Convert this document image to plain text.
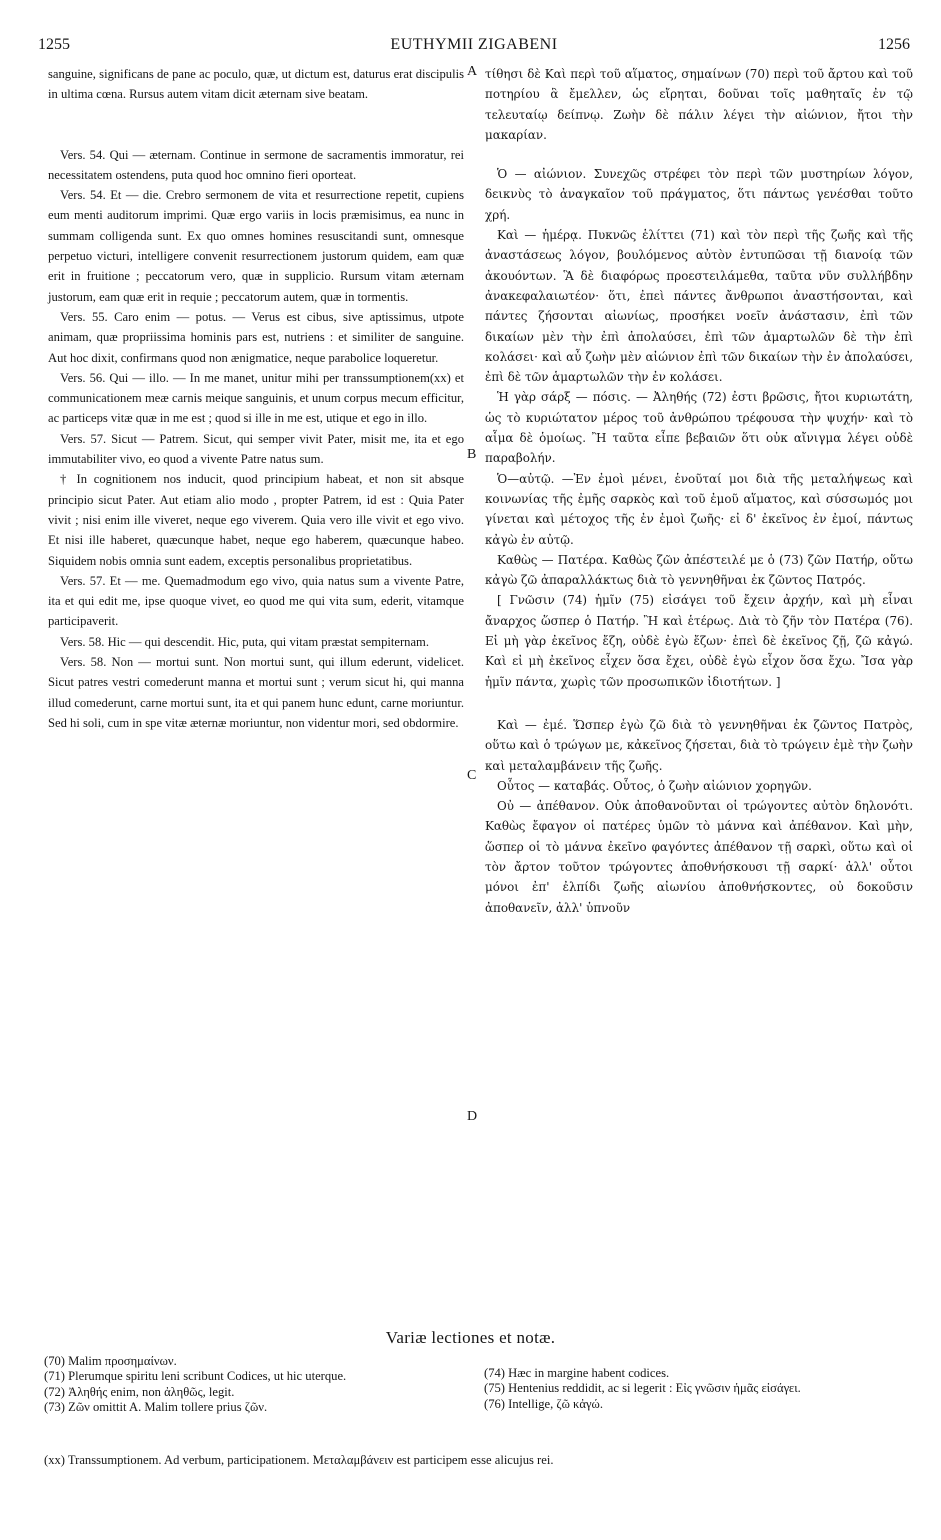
1255	EUTHYMII ZIGABENI	1256

sanguine, significans de pane ac poculo, quæ, ut dictum est, daturus erat discipulis in ultima cœna. Rursus autem vitam dicit æternam sive beatam.

Vers. 54. Qui — æternam. Continue in sermone de sacramentis immoratur, rei necessitatem ostendens, puta quod hoc omnino fieri oporteat.

Vers. 54. Et — die. Crebro sermonem de vita et resurrectione repetit, cupiens eum menti auditorum imprimi. Quæ ergo variis in locis præmisimus, ea nunc in summam colligenda sunt. Ex quo omnes homines resuscitandi sunt, omnesque perpetuo victuri, intelligere convenit resurrectionem justorum quidem, eam quæ erit in fruitione ; peccatorum vero, quæ in supplicio. Rursum vitam æternam justorum, eam quæ erit in requie ; peccatorum autem, quæ in tormentis.

Vers. 55. Caro enim — potus. — Verus est cibus, sive aptissimus, utpote animam, quæ propriissima hominis pars est, nutriens : et similiter de sanguine. Aut hoc dixit, confirmans quod non ænigmatice, neque parabolice loqueretur.

Vers. 56. Qui — illo. — In me manet, unitur mihi per transsumptionem(xx) et communicationem meæ carnis meique sanguinis, et unum corpus mecum efficitur, ac particeps vitæ quæ in me est ; quod si ille in me est, utique et ego in illo.

Vers. 57. Sicut — Patrem. Sicut, qui semper vivit Pater, misit me, ita et ego immutabiliter vivo, eo quod a vivente Patre natus sum.

† In cognitionem nos inducit, quod principium habeat, et non sit absque principio sicut Pater. Aut etiam alio modo , propter Patrem, id est : Quia Pater vivit ; nisi enim ille viveret, neque ego viverem. Quia vero ille vivit et ego vivo. Et nisi ille haberet, quæcunque habet, neque ego haberem, quæcunque habeo. Siquidem nobis omnia sunt eadem, exceptis personalibus proprietatibus.

Vers. 57. Et — me. Quemadmodum ego vivo, quia natus sum a vivente Patre, ita et qui edit me, ipse quoque vivet, eo quod me qui vita sum, ederit, vitamque participaverit.

Vers. 58. Hic — qui descendit. Hic, puta, qui vitam præstat sempiternam.

Vers. 58. Non — mortui sunt. Non mortui sunt, qui illum ederunt, videlicet. Sicut patres vestri comederunt manna et mortui sunt ; verum sicut hi, qui manna illud comederunt, carne mortui sunt, ita et qui panem hunc edunt, carne moriuntur. Sed hi soli, cum in spe vitæ æternæ moriuntur, non videntur mori, sed obdormire.

A
B
C
D

τίθησι δὲ Καὶ περὶ τοῦ αἵματος, σημαίνων (70) περὶ τοῦ ἄρτου καὶ τοῦ ποτηρίου ἃ ἔμελλεν, ὡς εἴρηται, δοῦναι τοῖς μαθηταῖς ἐν τῷ τελευταίῳ δείπνῳ. Ζωὴν δὲ πάλιν λέγει τὴν αἰώνιον, ἤτοι τὴν μακαρίαν.

Ὁ — αἰώνιον. Συνεχῶς στρέφει τὸν περὶ τῶν μυστηρίων λόγον, δεικνὺς τὸ ἀναγκαῖον τοῦ πράγματος, ὅτι πάντως γενέσθαι τοῦτο χρή.

Καὶ — ἡμέρᾳ. Πυκνῶς ἑλίττει (71) καὶ τὸν περὶ τῆς ζωῆς καὶ τῆς ἀναστάσεως λόγον, βουλόμενος αὐτὸν ἐντυπῶσαι τῇ διανοίᾳ τῶν ἀκουόντων. Ἃ δὲ διαφόρως προεστειλάμεθα, ταῦτα νῦν συλλήβδην ἀνακεφαλαιωτέον· ὅτι, ἐπεὶ πάντες ἄνθρωποι ἀναστήσονται, καὶ πάντες ζήσονται αἰωνίως, προσήκει νοεῖν ἀνάστασιν, ἐπὶ τῶν δικαίων μὲν τὴν ἐπὶ ἀπολαύσει, ἐπὶ τῶν ἁμαρτωλῶν δὲ τὴν ἐπὶ κολάσει· καὶ αὖ ζωὴν μὲν αἰώνιον ἐπὶ τῶν δικαίων τὴν ἐν ἀπολαύσει, ἐπὶ δὲ τῶν ἁμαρτωλῶν τὴν ἐν κολάσει.

Ἡ γὰρ σάρξ — πόσις. — Ἀληθής (72) ἐστι βρῶσις, ἤτοι κυριωτάτη, ὡς τὸ κυριώτατον μέρος τοῦ ἀνθρώπου τρέφουσα τὴν ψυχήν· καὶ τὸ αἷμα δὲ ὁμοίως. Ἢ ταῦτα εἶπε βεβαιῶν ὅτι οὐκ αἴνιγμα λέγει οὐδὲ παραβολήν.

Ὁ—αὐτῷ. —Ἐν ἐμοὶ μένει, ἑνοῦταί μοι διὰ τῆς μεταλήψεως καὶ κοινωνίας τῆς ἐμῆς σαρκὸς καὶ τοῦ ἐμοῦ αἵματος, καὶ σύσσωμός μοι γίνεται καὶ μέτοχος τῆς ἐν ἐμοὶ ζωῆς· εἰ δ' ἐκεῖνος ἐν ἐμοί, πάντως κἀγὼ ἐν αὐτῷ.

Καθὼς — Πατέρα. Καθὼς ζῶν ἀπέστειλέ με ὁ (73) ζῶν Πατήρ, οὕτω κἀγὼ ζῶ ἀπαραλλάκτως διὰ τὸ γεννηθῆναι ἐκ ζῶντος Πατρός.

[ Γνῶσιν (74) ἡμῖν (75) εἰσάγει τοῦ ἔχειν ἀρχήν, καὶ μὴ εἶναι ἄναρχος ὥσπερ ὁ Πατήρ. Ἢ καὶ ἑτέρως. Διὰ τὸ ζῆν τὸν Πατέρα (76). Εἰ μὴ γὰρ ἐκεῖνος ἔζη, οὐδὲ ἐγὼ ἔζων· ἐπεὶ δὲ ἐκεῖνος ζῇ, ζῶ κἀγώ. Καὶ εἰ μὴ ἐκεῖνος εἶχεν ὅσα ἔχει, οὐδὲ ἐγὼ εἶχον ὅσα ἔχω. Ἴσα γὰρ ἡμῖν πάντα, χωρὶς τῶν προσωπικῶν ἰδιοτήτων. ]

Καὶ — ἐμέ. Ὥσπερ ἐγὼ ζῶ διὰ τὸ γεννηθῆναι ἐκ ζῶντος Πατρὸς, οὕτω καὶ ὁ τρώγων με, κἀκεῖνος ζήσεται, διὰ τὸ τρώγειν ἐμὲ τὴν ζωὴν καὶ μεταλαμβάνειν τῆς ζωῆς.

Οὗτος — καταβάς. Οὗτος, ὁ ζωὴν αἰώνιον χορηγῶν.

Οὐ — ἀπέθανον. Οὐκ ἀποθανοῦνται οἱ τρώγοντες αὐτὸν δηλονότι. Καθὼς ἔφαγον οἱ πατέρες ὑμῶν τὸ μάννα καὶ ἀπέθανον. Καὶ μὴν, ὥσπερ οἱ τὸ μάννα ἐκεῖνο φαγόντες ἀπέθανον τῇ σαρκὶ, οὕτω καὶ οἱ τὸν ἄρτον τοῦτον τρώγοντες ἀποθνήσκουσι τῇ σαρκί· ἀλλ' οὗτοι μόνοι ἐπ' ἐλπίδι ζωῆς αἰωνίου ἀποθνήσκοντες, οὐ δοκοῦσιν ἀποθανεῖν, ἀλλ' ὑπνοῦν

Variæ lectiones et notæ.
(70) Malim προσημαίνων.
(71) Plerumque spiritu leni scribunt Codices, ut hic uterque.
(72) Ἀληθής enim, non ἀληθῶς, legit.
(73) Ζῶν omittit A. Malim tollere prius ζῶν.
(74) Hæc in margine habent codices.
(75) Hentenius reddidit, ac si legerit : Εἰς γνῶσιν ἡμᾶς εἰσάγει.
(76) Intellige, ζῶ κἀγώ.
(xx) Transsumptionem. Ad verbum, participationem. Μεταλαμβάνειν est participem esse alicujus rei.
